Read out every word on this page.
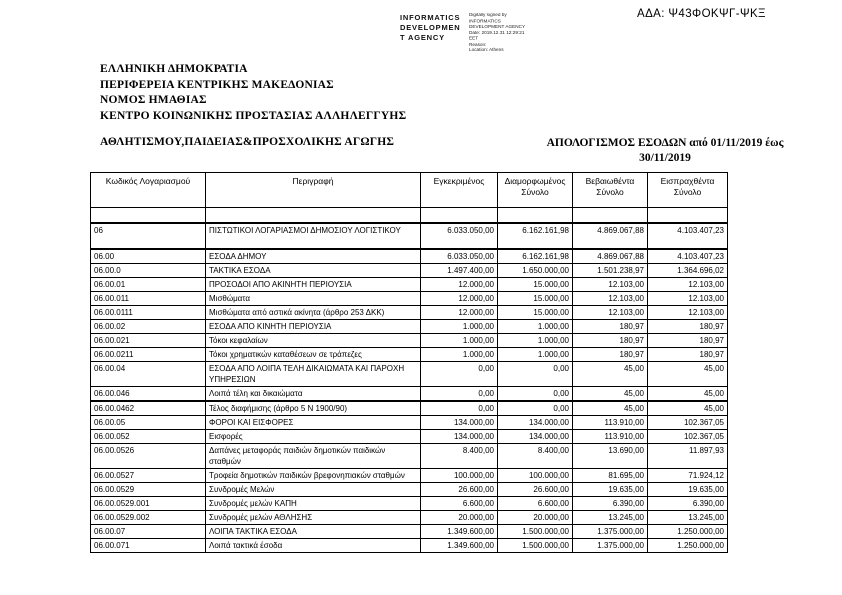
INFORMATICS
DEVELOPMEN
T AGENCY
Digitally signed by
INFORMATICS
DEVELOPMENT AGENCY
Date: 2019.12.31 12:29:21
EET
Reason:
Location: Athens
ΑΔΑ: Ψ43ΦΟΚΨΓ-ΨΚΞ
ΕΛΛΗΝΙΚΗ ΔΗΜΟΚΡΑΤΙΑ
ΠΕΡΙΦΕΡΕΙΑ ΚΕΝΤΡΙΚΗΣ ΜΑΚΕΔΟΝΙΑΣ
ΝΟΜΟΣ ΗΜΑΘΙΑΣ
ΚΕΝΤΡΟ ΚΟΙΝΩΝΙΚΗΣ ΠΡΟΣΤΑΣΙΑΣ ΑΛΛΗΛΕΓΓΥΗΣ
ΑΘΛΗΤΙΣΜΟΥ,ΠΑΙΔΕΙΑΣ&ΠΡΟΣΧΟΛΙΚΗΣ ΑΓΩΓΗΣ	ΑΠΟΛΟΓΙΣΜΟΣ ΕΣΟΔΩΝ από 01/11/2019 έως
30/11/2019
Κωδικός Λογαριασμού	Περιγραφή	Εγκεκριμένος	Διαμορφωμένος Σύνολο	Βεβαιωθέντα Σύνολο	Εισπραχθέντα Σύνολο

06	ΠΙΣΤΩΤΙΚΟΙ ΛΟΓΑΡΙΑΣΜΟΙ ΔΗΜΟΣΙΟΥ ΛΟΓΙΣΤΙΚΟΥ	6.033.050,00	6.162.161,98	4.869.067,88	4.103.407,23
06.00	ΕΣΟΔΑ ΔΗΜΟΥ	6.033.050,00	6.162.161,98	4.869.067,88	4.103.407,23
06.00.0	ΤΑΚΤΙΚΑ ΕΣΟΔΑ	1.497.400,00	1.650.000,00	1.501.238,97	1.364.696,02
06.00.01	ΠΡΟΣΟΔΟΙ ΑΠΟ ΑΚΙΝΗΤΗ ΠΕΡΙΟΥΣΙΑ	12.000,00	15.000,00	12.103,00	12.103,00
06.00.011	Μισθώματα	12.000,00	15.000,00	12.103,00	12.103,00
06.00.0111	Μισθώματα από αστικά ακίνητα (άρθρο 253 ΔΚΚ)	12.000,00	15.000,00	12.103,00	12.103,00
06.00.02	ΕΣΟΔΑ ΑΠΟ ΚΙΝΗΤΗ ΠΕΡΙΟΥΣΙΑ	1.000,00	1.000,00	180,97	180,97
06.00.021	Τόκοι κεφαλαίων	1.000,00	1.000,00	180,97	180,97
06.00.0211	Τόκοι χρηματικών καταθέσεων σε τράπεζες	1.000,00	1.000,00	180,97	180,97
06.00.04	ΕΣΟΔΑ ΑΠΟ ΛΟΙΠΑ ΤΕΛΗ ΔΙΚΑΙΩΜΑΤΑ ΚΑΙ ΠΑΡΟΧΗ ΥΠΗΡΕΣΙΩΝ	0,00	0,00	45,00	45,00
06.00.046	Λοιπά τέλη και δικαιώματα	0,00	0,00	45,00	45,00
06.00.0462	Τέλος διαφήμισης (άρθρο 5 Ν 1900/90)	0,00	0,00	45,00	45,00
06.00.05	ΦΟΡΟΙ ΚΑΙ ΕΙΣΦΟΡΕΣ	134.000,00	134.000,00	113.910,00	102.367,05
06.00.052	Εισφορές	134.000,00	134.000,00	113.910,00	102.367,05
06.00.0526	Δαπάνες μεταφοράς παιδιών δημοτικών παιδικών σταθμών	8.400,00	8.400,00	13.690,00	11.897,93
06.00.0527	Τροφεία δημοτικών παιδικών βρεφονηπιακών σταθμών	100.000,00	100.000,00	81.695,00	71.924,12
06.00.0529	Συνδρομές Μελών	26.600,00	26.600,00	19.635,00	19.635,00
06.00.0529.001	Συνδρομές μελών ΚΑΠΗ	6.600,00	6.600,00	6.390,00	6.390,00
06.00.0529.002	Συνδρομές μελών ΑΘΛΗΣΗΣ	20.000,00	20.000,00	13.245,00	13.245,00
06.00.07	ΛΟΙΠΑ ΤΑΚΤΙΚΑ ΕΣΟΔΑ	1.349.600,00	1.500.000,00	1.375.000,00	1.250.000,00
06.00.071	Λοιπά τακτικά έσοδα	1.349.600,00	1.500.000,00	1.375.000,00	1.250.000,00
